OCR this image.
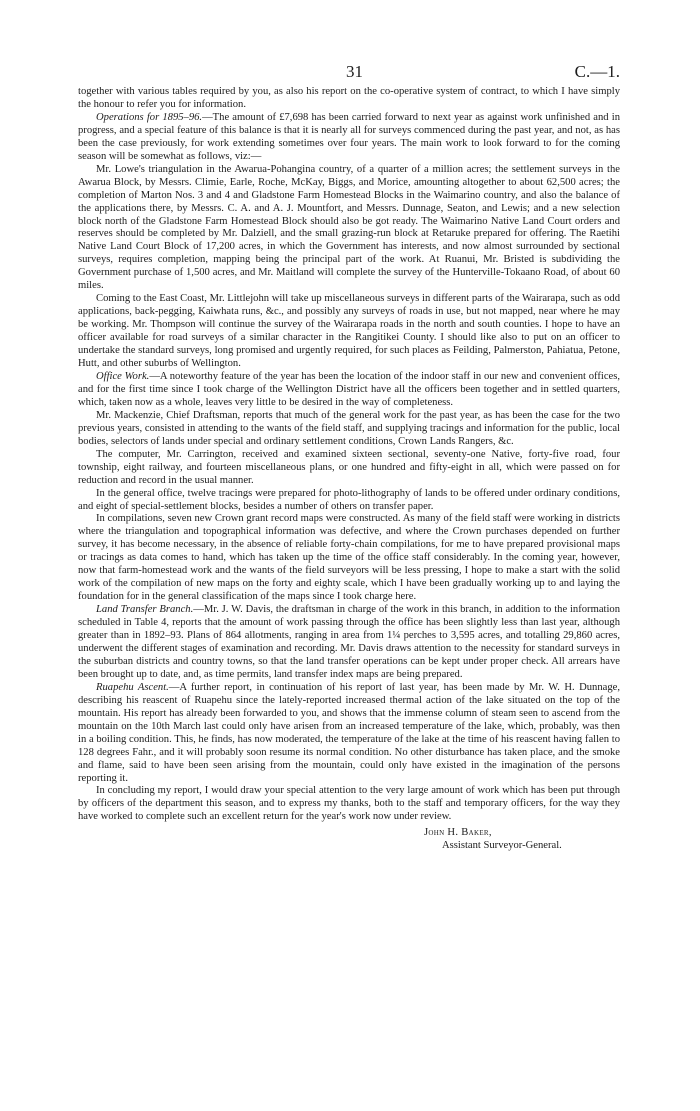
31	C.—1.

together with various tables required by you, as also his report on the co-operative system of contract, to which I have simply the honour to refer you for information.

Operations for 1895–96.—The amount of £7,698 has been carried forward to next year as against work unfinished and in progress, and a special feature of this balance is that it is nearly all for surveys commenced during the past year, and not, as has been the case previously, for work extending sometimes over four years. The main work to look forward to for the coming season will be somewhat as follows, viz:—

Mr. Lowe's triangulation in the Awarua-Pohangina country, of a quarter of a million acres; the settlement surveys in the Awarua Block, by Messrs. Climie, Earle, Roche, McKay, Biggs, and Morice, amounting altogether to about 62,500 acres; the completion of Marton Nos. 3 and 4 and Gladstone Farm Homestead Blocks in the Waimarino country, and also the balance of the applications there, by Messrs. C. A. and A. J. Mountfort, and Messrs. Dunnage, Seaton, and Lewis; and a new selection block north of the Gladstone Farm Homestead Block should also be got ready. The Waimarino Native Land Court orders and reserves should be completed by Mr. Dalziell, and the small grazing-run block at Retaruke prepared for offering. The Raetihi Native Land Court Block of 17,200 acres, in which the Government has interests, and now almost surrounded by sectional surveys, requires completion, mapping being the principal part of the work. At Ruanui, Mr. Bristed is subdividing the Government purchase of 1,500 acres, and Mr. Maitland will complete the survey of the Hunterville-Tokaano Road, of about 60 miles.

Coming to the East Coast, Mr. Littlejohn will take up miscellaneous surveys in different parts of the Wairarapa, such as odd applications, back-pegging, Kaiwhata runs, &c., and possibly any surveys of roads in use, but not mapped, near where he may be working. Mr. Thompson will continue the survey of the Wairarapa roads in the north and south counties. I hope to have an officer available for road surveys of a similar character in the Rangitikei County. I should like also to put on an officer to undertake the standard surveys, long promised and urgently required, for such places as Feilding, Palmerston, Pahiatua, Petone, Hutt, and other suburbs of Wellington.

Office Work.—A noteworthy feature of the year has been the location of the indoor staff in our new and convenient offices, and for the first time since I took charge of the Wellington District have all the officers been together and in settled quarters, which, taken now as a whole, leaves very little to be desired in the way of completeness.

Mr. Mackenzie, Chief Draftsman, reports that much of the general work for the past year, as has been the case for the two previous years, consisted in attending to the wants of the field staff, and supplying tracings and information for the public, local bodies, selectors of lands under special and ordinary settlement conditions, Crown Lands Rangers, &c.

The computer, Mr. Carrington, received and examined sixteen sectional, seventy-one Native, forty-five road, four township, eight railway, and fourteen miscellaneous plans, or one hundred and fifty-eight in all, which were passed on for reduction and record in the usual manner.

In the general office, twelve tracings were prepared for photo-lithography of lands to be offered under ordinary conditions, and eight of special-settlement blocks, besides a number of others on transfer paper.

In compilations, seven new Crown grant record maps were constructed. As many of the field staff were working in districts where the triangulation and topographical information was defective, and where the Crown purchases depended on further survey, it has become necessary, in the absence of reliable forty-chain compilations, for me to have prepared provisional maps or tracings as data comes to hand, which has taken up the time of the office staff considerably. In the coming year, however, now that farm-homestead work and the wants of the field surveyors will be less pressing, I hope to make a start with the solid work of the compilation of new maps on the forty and eighty scale, which I have been gradually working up to and laying the foundation for in the general classification of the maps since I took charge here.

Land Transfer Branch.—Mr. J. W. Davis, the draftsman in charge of the work in this branch, in addition to the information scheduled in Table 4, reports that the amount of work passing through the office has been slightly less than last year, although greater than in 1892–93. Plans of 864 allotments, ranging in area from 1¼ perches to 3,595 acres, and totalling 29,860 acres, underwent the different stages of examination and recording. Mr. Davis draws attention to the necessity for standard surveys in the suburban districts and country towns, so that the land transfer operations can be kept under proper check. All arrears have been brought up to date, and, as time permits, land transfer index maps are being prepared.

Ruapehu Ascent.—A further report, in continuation of his report of last year, has been made by Mr. W. H. Dunnage, describing his reascent of Ruapehu since the lately-reported increased thermal action of the lake situated on the top of the mountain. His report has already been forwarded to you, and shows that the immense column of steam seen to ascend from the mountain on the 10th March last could only have arisen from an increased temperature of the lake, which, probably, was then in a boiling condition. This, he finds, has now moderated, the temperature of the lake at the time of his reascent having fallen to 128 degrees Fahr., and it will probably soon resume its normal condition. No other disturbance has taken place, and the smoke and flame, said to have been seen arising from the mountain, could only have existed in the imagination of the persons reporting it.

In concluding my report, I would draw your special attention to the very large amount of work which has been put through by officers of the department this season, and to express my thanks, both to the staff and temporary officers, for the way they have worked to complete such an excellent return for the year's work now under review.

John H. Baker,
Assistant Surveyor-General.
